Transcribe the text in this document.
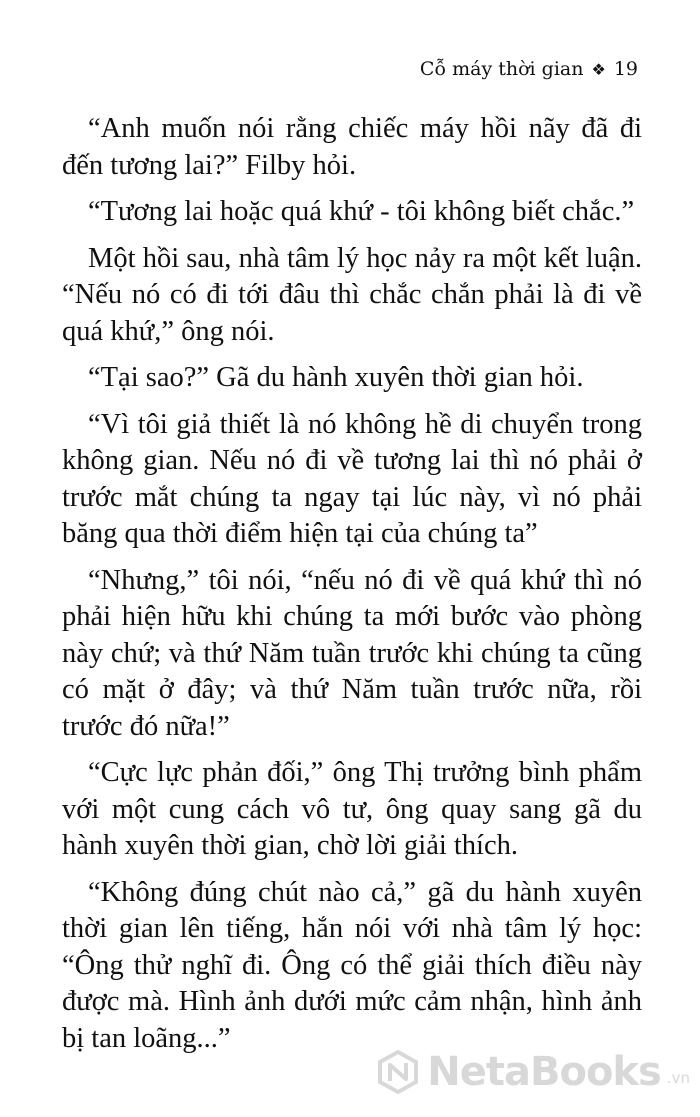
Cỗ máy thời gian ❖ 19

“Anh muốn nói rằng chiếc máy hồi nãy đã đi đến tương lai?” Filby hỏi.

“Tương lai hoặc quá khứ - tôi không biết chắc.”

Một hồi sau, nhà tâm lý học nảy ra một kết luận. “Nếu nó có đi tới đâu thì chắc chắn phải là đi về quá khứ,” ông nói.

“Tại sao?” Gã du hành xuyên thời gian hỏi.

“Vì tôi giả thiết là nó không hề di chuyển trong không gian. Nếu nó đi về tương lai thì nó phải ở trước mắt chúng ta ngay tại lúc này, vì nó phải băng qua thời điểm hiện tại của chúng ta”

“Nhưng,” tôi nói, “nếu nó đi về quá khứ thì nó phải hiện hữu khi chúng ta mới bước vào phòng này chứ; và thứ Năm tuần trước khi chúng ta cũng có mặt ở đây; và thứ Năm tuần trước nữa, rồi trước đó nữa!”

“Cực lực phản đối,” ông Thị trưởng bình phẩm với một cung cách vô tư, ông quay sang gã du hành xuyên thời gian, chờ lời giải thích.

“Không đúng chút nào cả,” gã du hành xuyên thời gian lên tiếng, hắn nói với nhà tâm lý học: “Ông thử nghĩ đi. Ông có thể giải thích điều này được mà. Hình ảnh dưới mức cảm nhận, hình ảnh bị tan loãng...”

NetaBooks .vn
